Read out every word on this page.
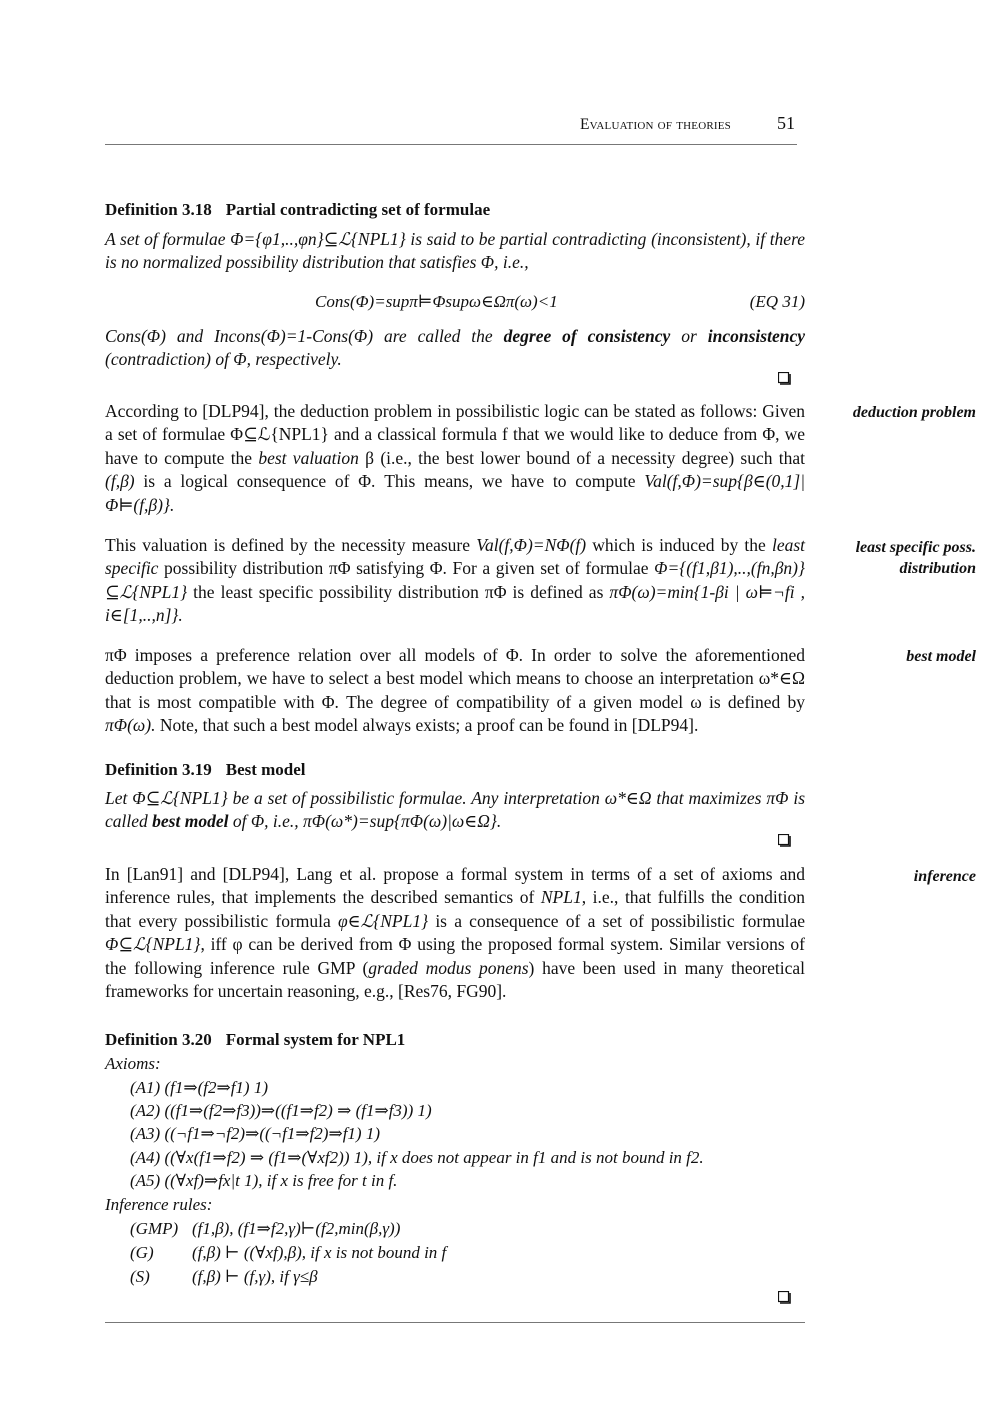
Evaluation of theories	51
Definition 3.18 Partial contradicting set of formulae
A set of formulae Φ={φ1,..,φn}⊆ℒ{NPL1} is said to be partial contradicting (inconsistent), if there is no normalized possibility distribution that satisfies Φ, i.e.,
Cons(Φ)=supπ⊨Φsupω∈Ωπ(ω)<1	(EQ 31)
Cons(Φ) and Incons(Φ)=1-Cons(Φ) are called the degree of consistency or inconsistency (contradiction) of Φ, respectively.
deduction problem
According to [DLP94], the deduction problem in possibilistic logic can be stated as follows: Given a set of formulae Φ⊆ℒ{NPL1} and a classical formula f that we would like to deduce from Φ, we have to compute the best valuation β (i.e., the best lower bound of a necessity degree) such that (f,β) is a logical consequence of Φ. This means, we have to compute Val(f,Φ)=sup{β∈(0,1]|Φ⊨(f,β)}.
least specific poss.
distribution
This valuation is defined by the necessity measure Val(f,Φ)=NΦ(f) which is induced by the least specific possibility distribution πΦ satisfying Φ. For a given set of formulae Φ={(f1,β1),..,(fn,βn)}⊆ℒ{NPL1} the least specific possibility distribution πΦ is defined as πΦ(ω)=min{1-βi | ω⊨¬fi , i∈[1,..,n]}.
best model
πΦ imposes a preference relation over all models of Φ. In order to solve the aforementioned deduction problem, we have to select a best model which means to choose an interpretation ω*∈Ω that is most compatible with Φ. The degree of compatibility of a given model ω is defined by πΦ(ω). Note, that such a best model always exists; a proof can be found in [DLP94].
Definition 3.19 Best model
Let Φ⊆ℒ{NPL1} be a set of possibilistic formulae. Any interpretation ω*∈Ω that maximizes πΦ is called best model of Φ, i.e., πΦ(ω*)=sup{πΦ(ω)|ω∈Ω}.
inference
In [Lan91] and [DLP94], Lang et al. propose a formal system in terms of a set of axioms and inference rules, that implements the described semantics of NPL1, i.e., that fulfills the condition that every possibilistic formula φ∈ℒ{NPL1} is a consequence of a set of possibilistic formulae Φ⊆ℒ{NPL1}, iff φ can be derived from Φ using the proposed formal system. Similar versions of the following inference rule GMP (graded modus ponens) have been used in many theoretical frameworks for uncertain reasoning, e.g., [Res76, FG90].
Definition 3.20 Formal system for NPL1
Axioms:
(A1) (f1⇒(f2⇒f1) 1)
(A2) ((f1⇒(f2⇒f3))⇒((f1⇒f2) ⇒ (f1⇒f3)) 1)
(A3) ((¬f1⇒¬f2)⇒((¬f1⇒f2)⇒f1) 1)
(A4) ((∀x(f1⇒f2) ⇒ (f1⇒(∀xf2)) 1), if x does not appear in f1 and is not bound in f2.
(A5) ((∀xf)⇒fx|t 1), if x is free for t in f.
Inference rules:
(GMP) (f1,β), (f1⇒f2,γ)⊢(f2,min(β,γ))
(G) (f,β) ⊢ ((∀xf),β), if x is not bound in f
(S) (f,β) ⊢ (f,γ), if γ≤β
